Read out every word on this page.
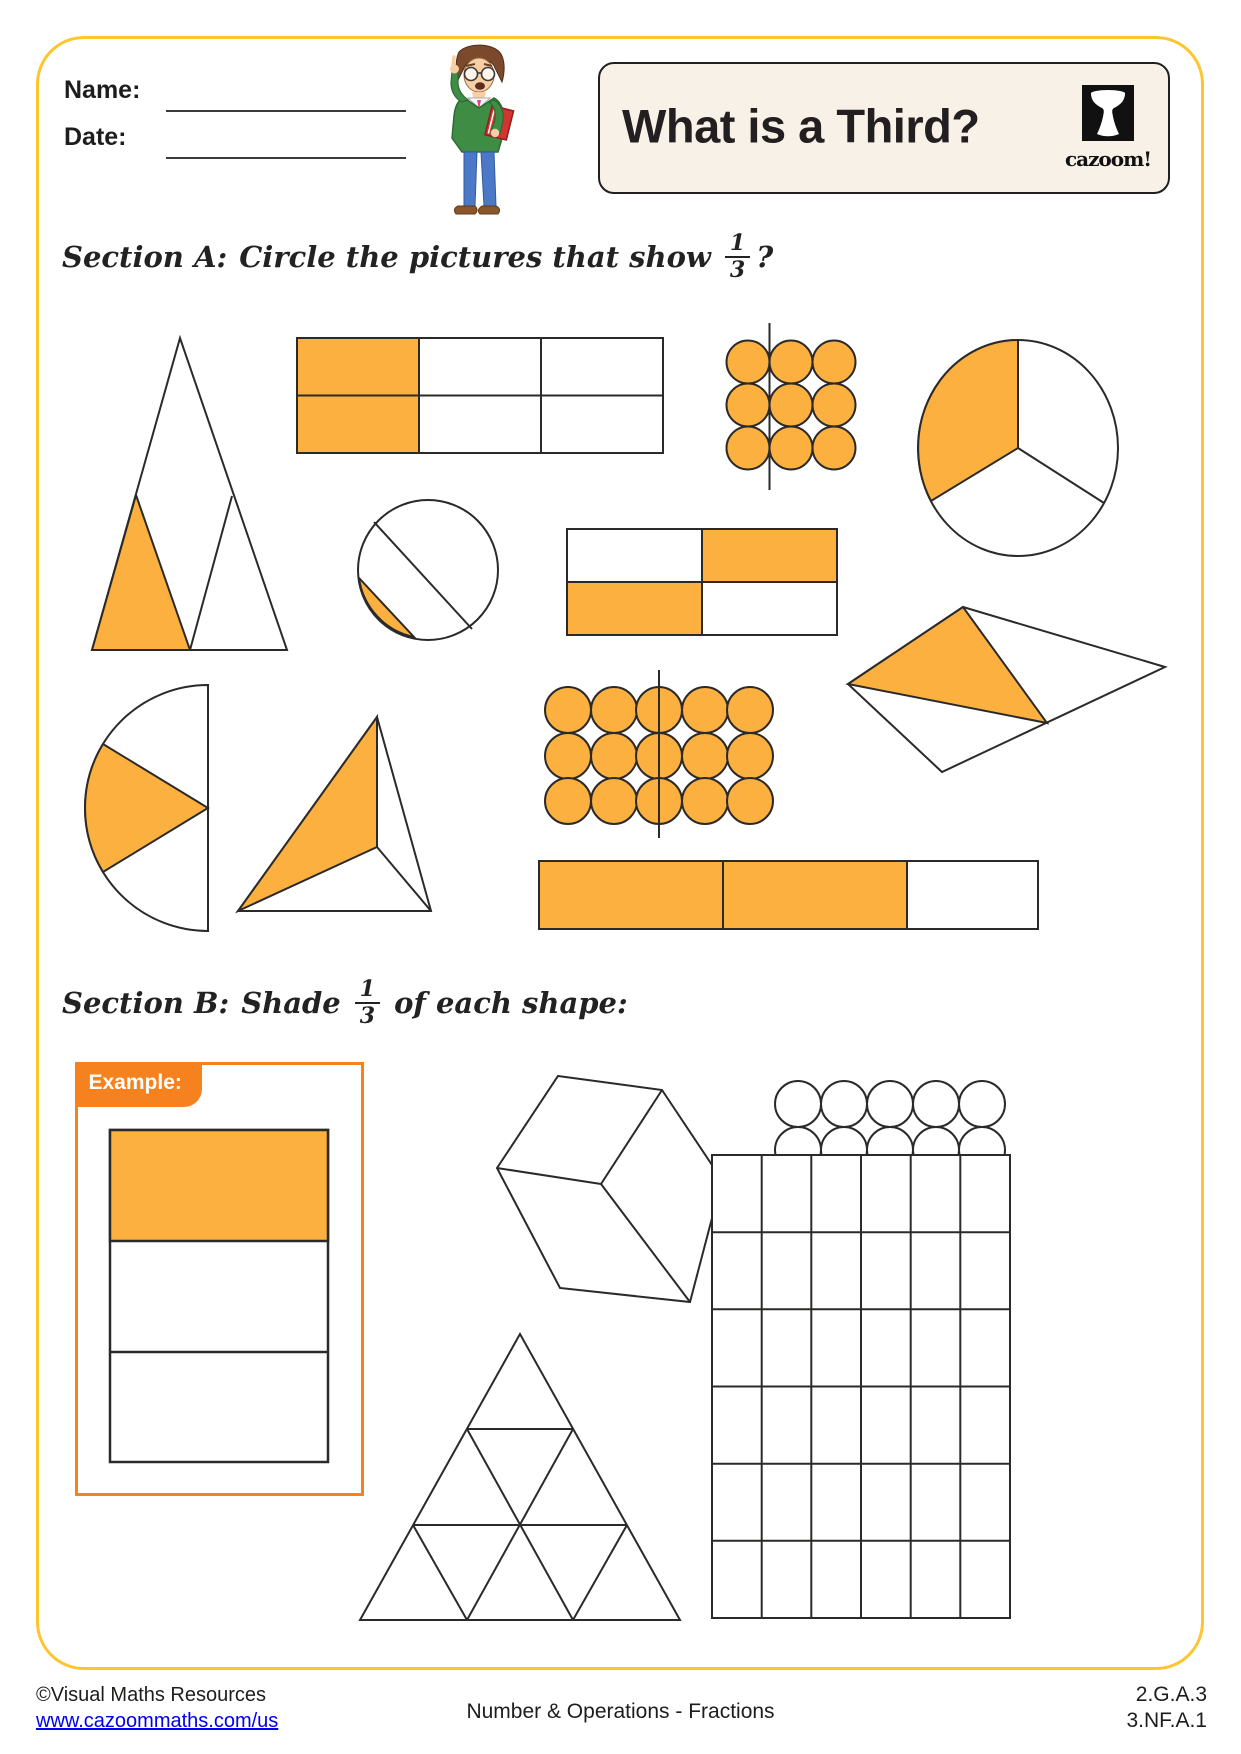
Name:
Date:	What is a Third?
cazoom!
Section A: Circle the pictures that show $\frac{1}{3}$ ?
Section B: Shade $\frac{1}{3}$ of each shape:
Example:
©Visual Maths Resources
www.cazoommaths.com/us	Number & Operations - Fractions
2.G.A.3
3.NF.A.1
